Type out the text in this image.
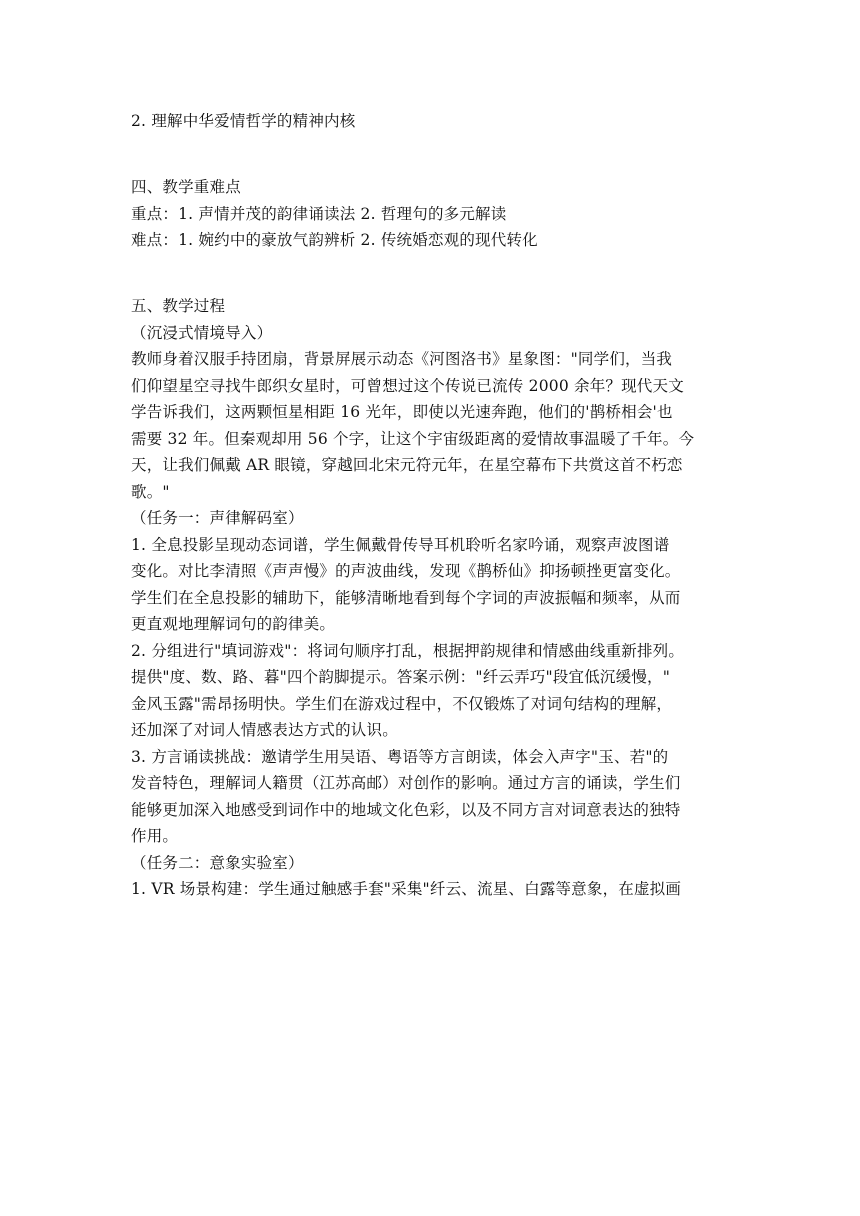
2. 理解中华爱情哲学的精神内核

四、教学重难点

重点：1. 声情并茂的韵律诵读法 2. 哲理句的多元解读

难点：1. 婉约中的豪放气韵辨析 2. 传统婚恋观的现代转化

五、教学过程

（沉浸式情境导入）

教师身着汉服手持团扇，背景屏展示动态《河图洛书》星象图："同学们，当我
们仰望星空寻找牛郎织女星时，可曾想过这个传说已流传 2000 余年？现代天文
学告诉我们，这两颗恒星相距 16 光年，即使以光速奔跑，他们的'鹊桥相会'也
需要 32 年。但秦观却用 56 个字，让这个宇宙级距离的爱情故事温暖了千年。今
天，让我们佩戴 AR 眼镜，穿越回北宋元符元年，在星空幕布下共赏这首不朽恋
歌。"

（任务一：声律解码室）

1. 全息投影呈现动态词谱，学生佩戴骨传导耳机聆听名家吟诵，观察声波图谱
变化。对比李清照《声声慢》的声波曲线，发现《鹊桥仙》抑扬顿挫更富变化。
学生们在全息投影的辅助下，能够清晰地看到每个字词的声波振幅和频率，从而
更直观地理解词句的韵律美。
2. 分组进行"填词游戏"：将词句顺序打乱，根据押韵规律和情感曲线重新排列。
提供"度、数、路、暮"四个韵脚提示。答案示例："纤云弄巧"段宜低沉缓慢，"
金风玉露"需昂扬明快。学生们在游戏过程中，不仅锻炼了对词句结构的理解，
还加深了对词人情感表达方式的认识。
3. 方言诵读挑战：邀请学生用吴语、粤语等方言朗读，体会入声字"玉、若"的
发音特色，理解词人籍贯（江苏高邮）对创作的影响。通过方言的诵读，学生们
能够更加深入地感受到词作中的地域文化色彩，以及不同方言对词意表达的独特
作用。

（任务二：意象实验室）

1. VR 场景构建：学生通过触感手套"采集"纤云、流星、白露等意象，在虚拟画
